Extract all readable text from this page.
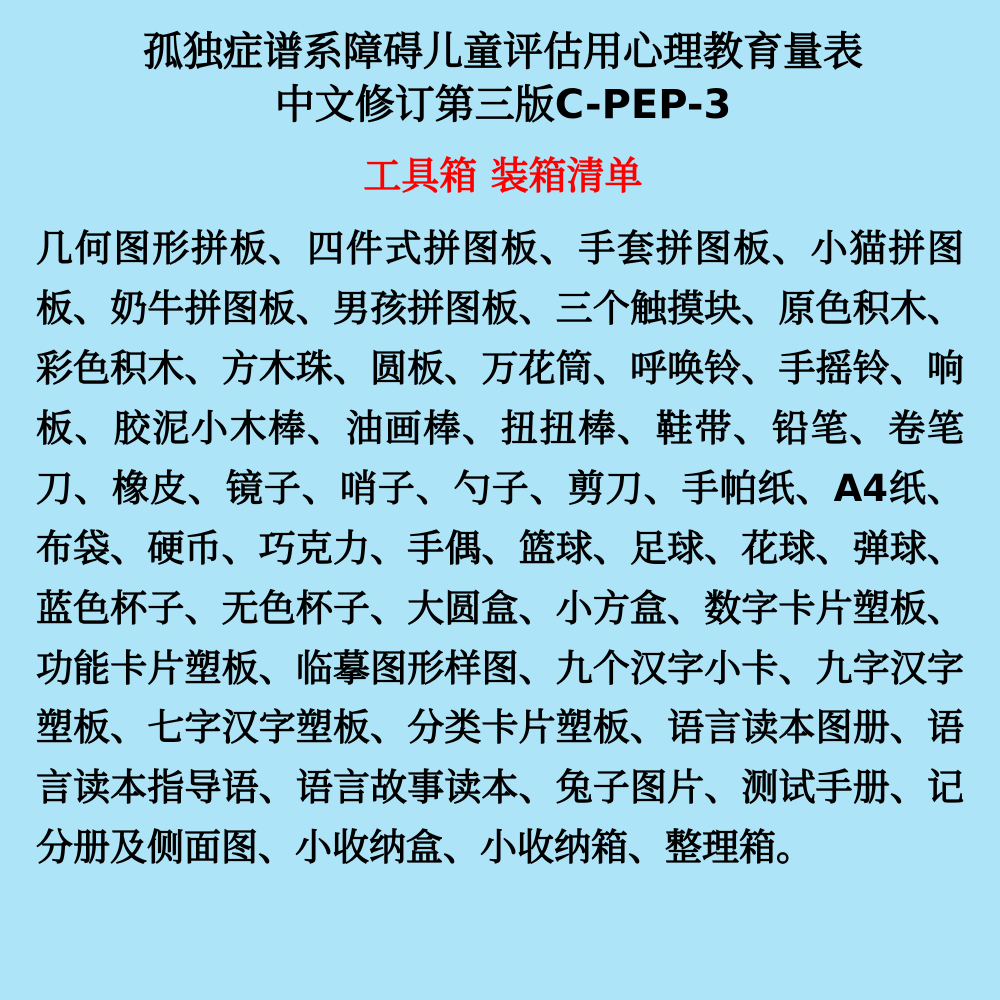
孤独症谱系障碍儿童评估用心理教育量表
中文修订第三版C-PEP-3
工具箱 装箱清单
几何图形拼板、四件式拼图板、手套拼图板、小猫拼图板、奶牛拼图板、男孩拼图板、三个触摸块、原色积木、彩色积木、方木珠、圆板、万花筒、呼唤铃、手摇铃、响板、胶泥小木棒、油画棒、扭扭棒、鞋带、铅笔、卷笔刀、橡皮、镜子、哨子、勺子、剪刀、手帕纸、A4纸、布袋、硬币、巧克力、手偶、篮球、足球、花球、弹球、蓝色杯子、无色杯子、大圆盒、小方盒、数字卡片塑板、功能卡片塑板、临摹图形样图、九个汉字小卡、九字汉字塑板、七字汉字塑板、分类卡片塑板、语言读本图册、语言读本指导语、语言故事读本、兔子图片、测试手册、记分册及侧面图、小收纳盒、小收纳箱、整理箱。
